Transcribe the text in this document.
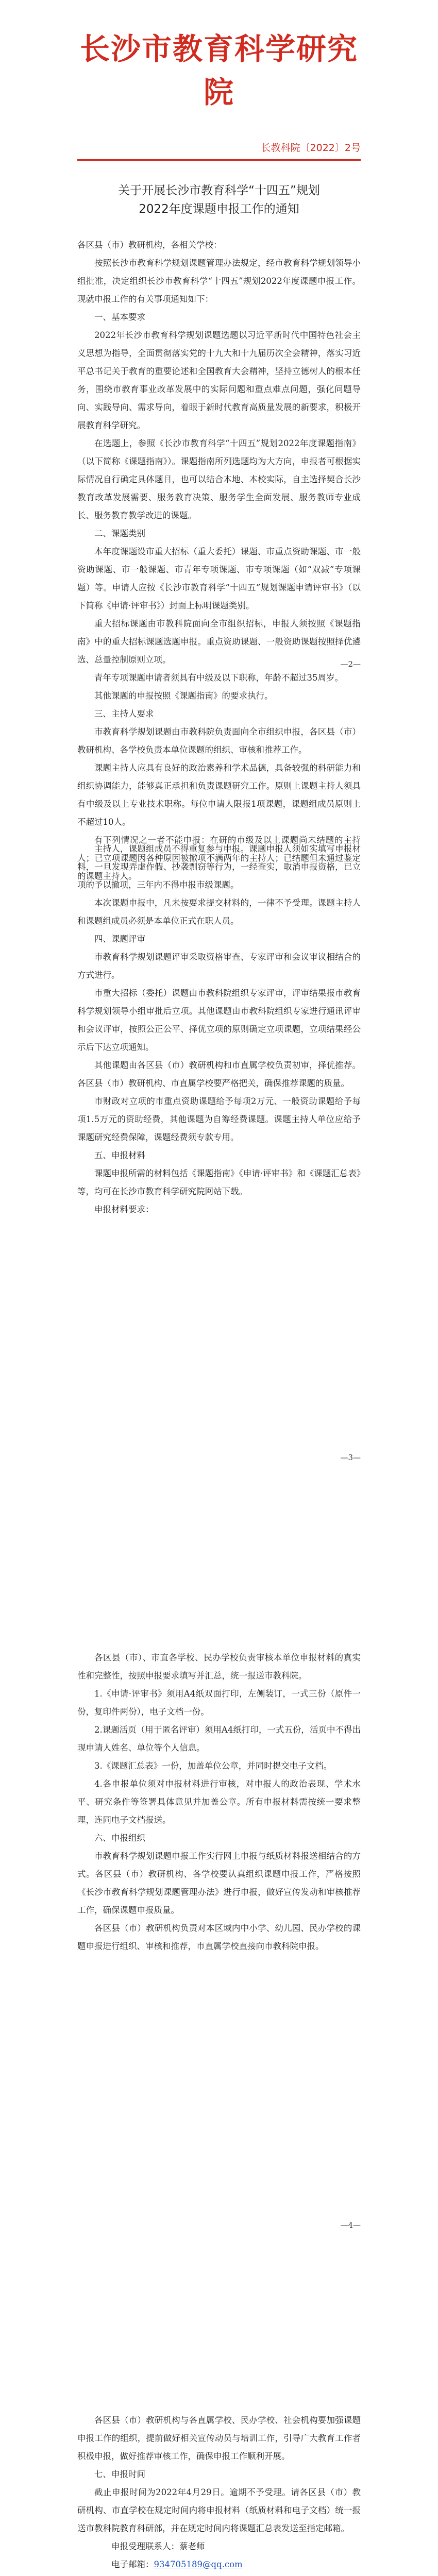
长沙市教育科学研究院
长教科院〔2022〕2号
关于开展长沙市教育科学“十四五”规划
2022年度课题申报工作的通知

各区县（市）教研机构，各相关学校：

按照长沙市教育科学规划课题管理办法规定，经市教育科学规划领导小组批准，决定组织长沙市教育科学“十四五”规划2022年度课题申报工作。现就申报工作的有关事项通知如下：

一、基本要求

2022年长沙市教育科学规划课题选题以习近平新时代中国特色社会主义思想为指导，全面贯彻落实党的十九大和十九届历次全会精神，落实习近平总书记关于教育的重要论述和全国教育大会精神，坚持立德树人的根本任务，围绕市教育事业改革发展中的实际问题和重点难点问题，强化问题导向、实践导向、需求导向，着眼于新时代教育高质量发展的新要求，积极开展教育科学研究。

在选题上，参照《长沙市教育科学“十四五”规划2022年度课题指南》（以下简称《课题指南》）。课题指南所列选题均为大方向，申报者可根据实际情况自行确定具体题目，也可以结合本地、本校实际，自主选择契合长沙教育改革发展需要、服务教育决策、服务学生全面发展、服务教师专业成长、服务教育教学改进的课题。

二、课题类别

本年度课题设市重大招标（重大委托）课题、市重点资助课题、市一般资助课题、市一般课题、市青年专项课题、市专项课题（如“双减”专项课题）等。申请人应按《长沙市教育科学“十四五”规划课题申请评审书》（以下简称《申请·评审书》）封面上标明课题类别。

重大招标课题由市教科院面向全市组织招标，申报人须按照《课题指南》中的重大招标课题选题申报。重点资助课题、一般资助课题按照择优遴选、总量控制原则立项。

青年专项课题申请者须具有中级及以下职称，年龄不超过35周岁。

其他课题的申报按照《课题指南》的要求执行。

三、主持人要求

市教育科学规划课题由市教科院负责面向全市组织申报，各区县（市）教研机构、各学校负责本单位课题的组织、审核和推荐工作。

课题主持人应具有良好的政治素养和学术品德，具备较强的科研能力和组织协调能力，能够真正承担和负责课题研究工作。原则上课题主持人须具有中级及以上专业技术职称。每位申请人限报1项课题，课题组成员原则上不超过10人。

有下列情况之一者不能申报：在研的市级及以上课题尚未结题的主持人；已立项课题因各种原因被撤项不满两年的主持人；已结题但未通过鉴定的课题主持人。

—2—

主持人，课题组成员不得重复参与申报。课题申报人须如实填写申报材料，一旦发现弄虚作假、抄袭剽窃等行为，一经查实，取消申报资格，已立项的予以撤项，三年内不得申报市级课题。

本次课题申报中，凡未按要求提交材料的，一律不予受理。课题主持人和课题组成员必须是本单位正式在职人员。

四、课题评审

市教育科学规划课题评审采取资格审查、专家评审和会议审议相结合的方式进行。

市重大招标（委托）课题由市教科院组织专家评审，评审结果报市教育科学规划领导小组审批后立项。其他课题由市教科院组织专家进行通讯评审和会议评审，按照公正公平、择优立项的原则确定立项课题，立项结果经公示后下达立项通知。

其他课题由各区县（市）教研机构和市直属学校负责初审，择优推荐。各区县（市）教研机构、市直属学校要严格把关，确保推荐课题的质量。

市财政对立项的市重点资助课题给予每项2万元、一般资助课题给予每项1.5万元的资助经费，其他课题为自筹经费课题。课题主持人单位应给予课题研究经费保障，课题经费须专款专用。

五、申报材料

课题申报所需的材料包括《课题指南》《申请·评审书》和《课题汇总表》等，均可在长沙市教育科学研究院网站下载。

申报材料要求：

—3—

各区县（市）、市直各学校、民办学校负责审核本单位申报材料的真实性和完整性，按照申报要求填写并汇总，统一报送市教科院。

1.《申请·评审书》须用A4纸双面打印，左侧装订，一式三份（原件一份，复印件两份），电子文档一份。

2.课题活页（用于匿名评审）须用A4纸打印，一式五份，活页中不得出现申请人姓名、单位等个人信息。

3.《课题汇总表》一份，加盖单位公章，并同时提交电子文档。

4.各申报单位须对申报材料进行审核，对申报人的政治表现、学术水平、研究条件等签署具体意见并加盖公章。所有申报材料需按统一要求整理，连同电子文档报送。

六、申报组织

市教育科学规划课题申报工作实行网上申报与纸质材料报送相结合的方式。各区县（市）教研机构、各学校要认真组织课题申报工作，严格按照《长沙市教育科学规划课题管理办法》进行申报，做好宣传发动和审核推荐工作，确保课题申报质量。

各区县（市）教研机构负责对本区域内中小学、幼儿园、民办学校的课题申报进行组织、审核和推荐，市直属学校直接向市教科院申报。

—4—

各区县（市）教研机构与各直属学校、民办学校、社会机构要加强课题申报工作的组织，提前做好相关宣传动员与培训工作，引导广大教育工作者积极申报，做好推荐审核工作，确保申报工作顺利开展。

七、申报时间

截止申报时间为2022年4月29日。逾期不予受理。请各区县（市）教研机构、市直学校在规定时间内将申报材料（纸质材料和电子文档）统一报送市教科院教育科研部，并在规定时间内将课题汇总表发送至指定邮箱。

申报受理联系人：蔡老师
电子邮箱：934705189@qq.com
